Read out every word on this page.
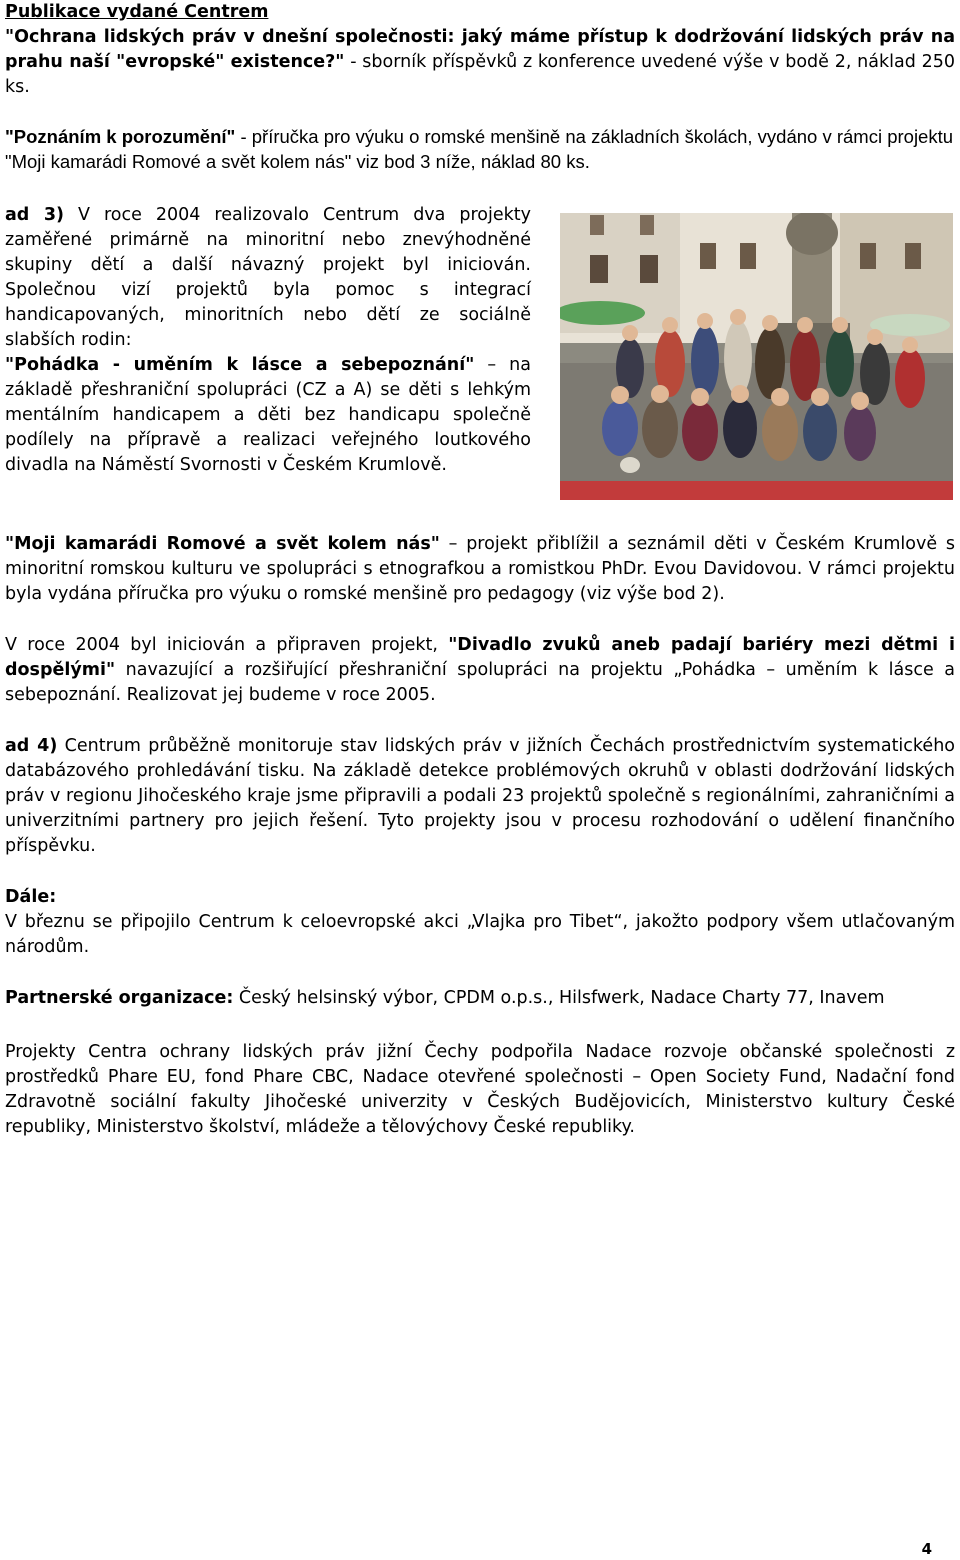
Publikace vydané Centrem
"Ochrana lidských práv v dnešní společnosti: jaký máme přístup k dodržování lidských práv na prahu naší "evropské" existence?" - sborník příspěvků z konference uvedené výše v bodě 2, náklad 250 ks.
"Poznáním k porozumění" - příručka pro výuku o romské menšině na základních školách, vydáno v rámci projektu "Moji kamarádi Romové a svět kolem nás" viz bod 3 níže, náklad 80 ks.
ad 3) V roce 2004 realizovalo Centrum dva projekty zaměřené primárně na minoritní nebo znevýhodněné skupiny dětí a další návazný projekt byl iniciován. Společnou vizí projektů byla pomoc s integrací handicapovaných, minoritních nebo dětí ze sociálně slabších rodin:
"Pohádka - uměním k lásce a sebepoznání" – na základě přeshraniční spolupráci (CZ a A) se děti s lehkým mentálním handicapem a děti bez handicapu společně podílely na přípravě a realizaci veřejného loutkového divadla na Náměstí Svornosti v Českém Krumlově.
"Moji kamarádi Romové a svět kolem nás" – projekt přiblížil a seznámil děti v Českém Krumlově s minoritní romskou kulturu ve spolupráci s etnografkou a romistkou PhDr. Evou Davidovou. V rámci projektu byla vydána příručka pro výuku o romské menšině pro pedagogy (viz výše bod 2).
V roce 2004 byl iniciován a připraven projekt, "Divadlo zvuků aneb padají bariéry mezi dětmi i dospělými" navazující a rozšiřující přeshraniční spolupráci na projektu „Pohádka – uměním k lásce a sebepoznání. Realizovat jej budeme v roce 2005.
ad 4) Centrum průběžně monitoruje stav lidských práv v jižních Čechách prostřednictvím systematického databázového prohledávání tisku. Na základě detekce problémových okruhů v oblasti dodržování lidských práv v regionu Jihočeského kraje jsme připravili a podali 23 projektů společně s regionálními, zahraničními a univerzitními partnery pro jejich řešení. Tyto projekty jsou v procesu rozhodování o udělení finančního příspěvku.
Dále:
V březnu se připojilo Centrum k celoevropské akci „Vlajka pro Tibet“, jakožto podpory všem utlačovaným národům.
Partnerské organizace: Český helsinský výbor, CPDM o.p.s., Hilsfwerk, Nadace Charty 77, Inavem
Projekty Centra ochrany lidských práv jižní Čechy podpořila Nadace rozvoje občanské společnosti z prostředků Phare EU, fond Phare CBC, Nadace otevřené společnosti – Open Society Fund, Nadační fond Zdravotně sociální fakulty Jihočeské univerzity v Českých Budějovicích, Ministerstvo kultury České republiky, Ministerstvo školství, mládeže a tělovýchovy České republiky.
4
